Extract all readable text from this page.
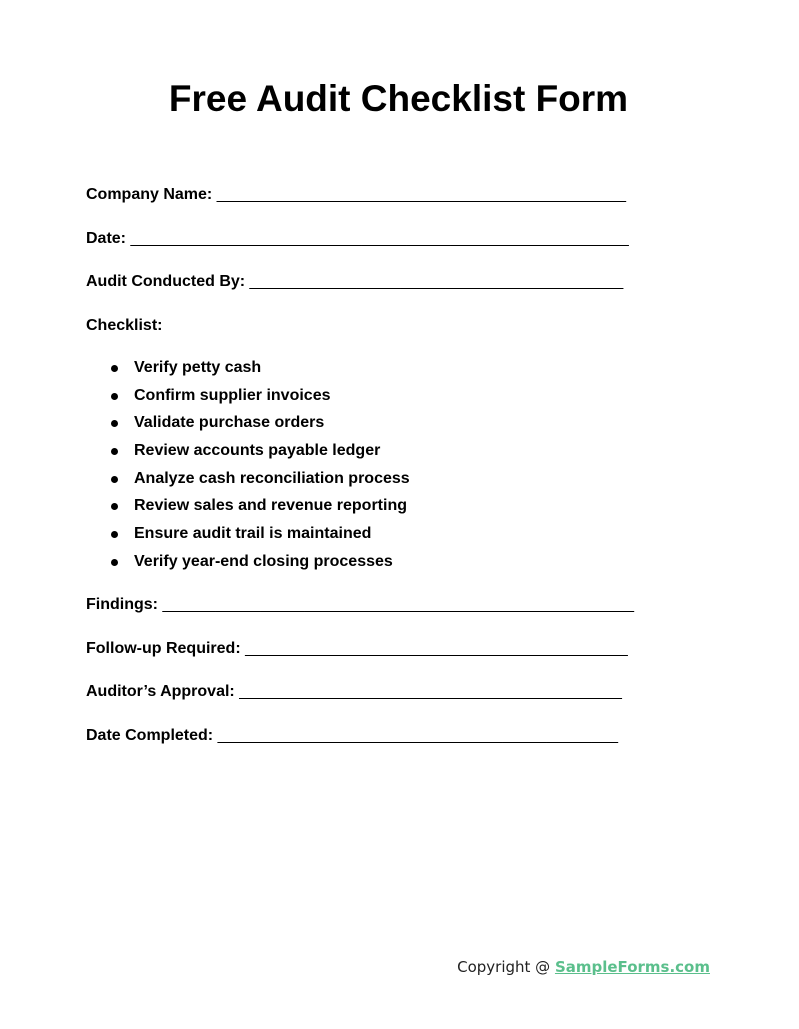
Free Audit Checklist Form
Company Name: ______________________________________________
Date: ________________________________________________________
Audit Conducted By: __________________________________________
Checklist:
Verify petty cash
Confirm supplier invoices
Validate purchase orders
Review accounts payable ledger
Analyze cash reconciliation process
Review sales and revenue reporting
Ensure audit trail is maintained
Verify year-end closing processes
Findings: _____________________________________________________
Follow-up Required: ___________________________________________
Auditor’s Approval: ___________________________________________
Date Completed: _____________________________________________
Copyright @ SampleForms.com
